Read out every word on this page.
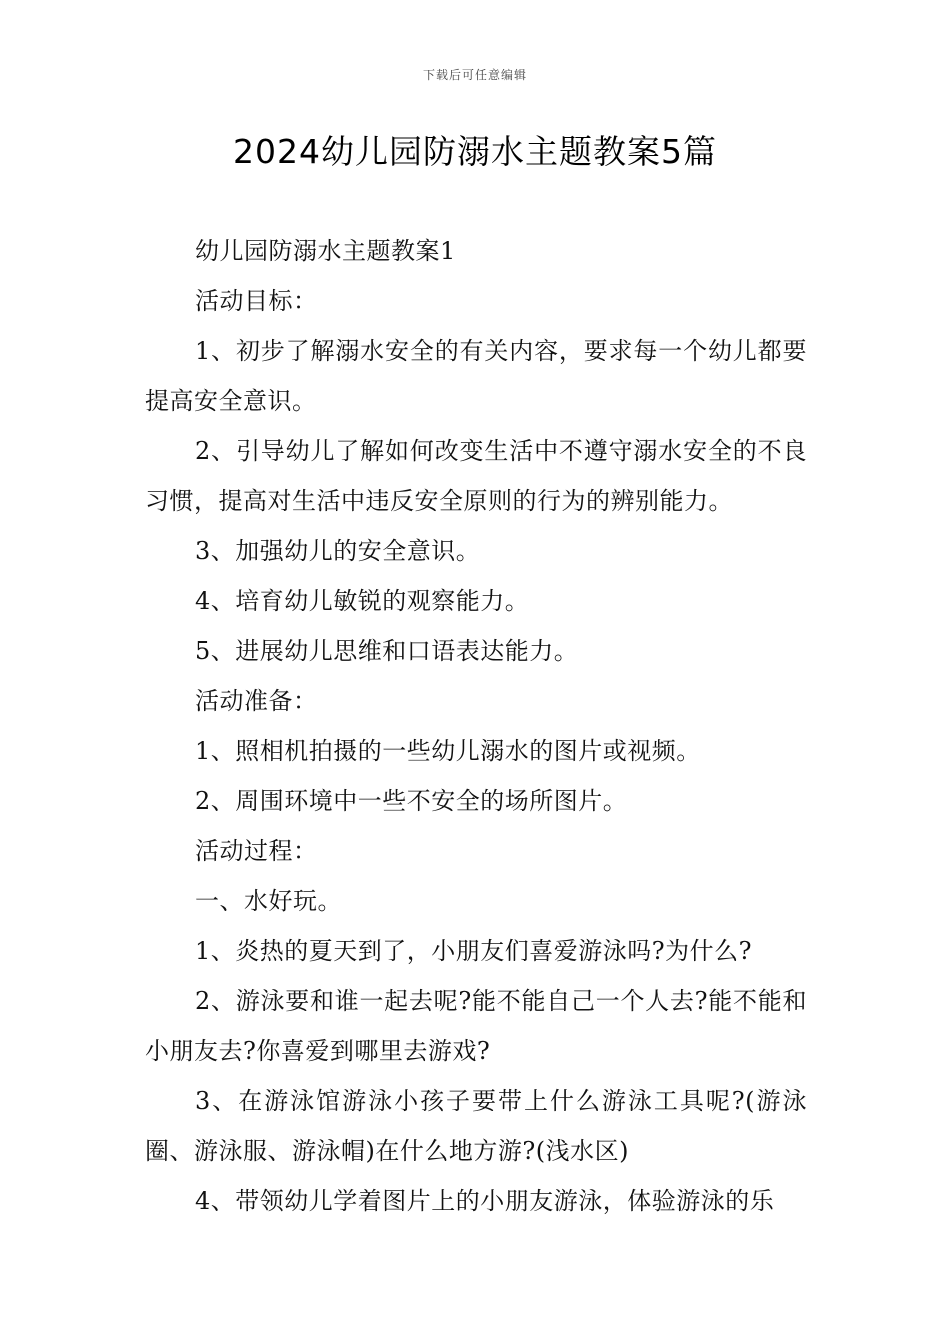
下载后可任意编辑
2024幼儿园防溺水主题教案5篇

幼儿园防溺水主题教案1

活动目标：

1、初步了解溺水安全的有关内容，要求每一个幼儿都要提高安全意识。

2、引导幼儿了解如何改变生活中不遵守溺水安全的不良习惯，提高对生活中违反安全原则的行为的辨别能力。

3、加强幼儿的安全意识。

4、培育幼儿敏锐的观察能力。

5、进展幼儿思维和口语表达能力。

活动准备：

1、照相机拍摄的一些幼儿溺水的图片或视频。

2、周围环境中一些不安全的场所图片。

活动过程：

一、水好玩。

1、炎热的夏天到了，小朋友们喜爱游泳吗?为什么?

2、游泳要和谁一起去呢?能不能自己一个人去?能不能和小朋友去?你喜爱到哪里去游戏?

3、在游泳馆游泳小孩子要带上什么游泳工具呢?(游泳圈、游泳服、游泳帽)在什么地方游?(浅水区)

4、带领幼儿学着图片上的小朋友游泳，体验游泳的乐
